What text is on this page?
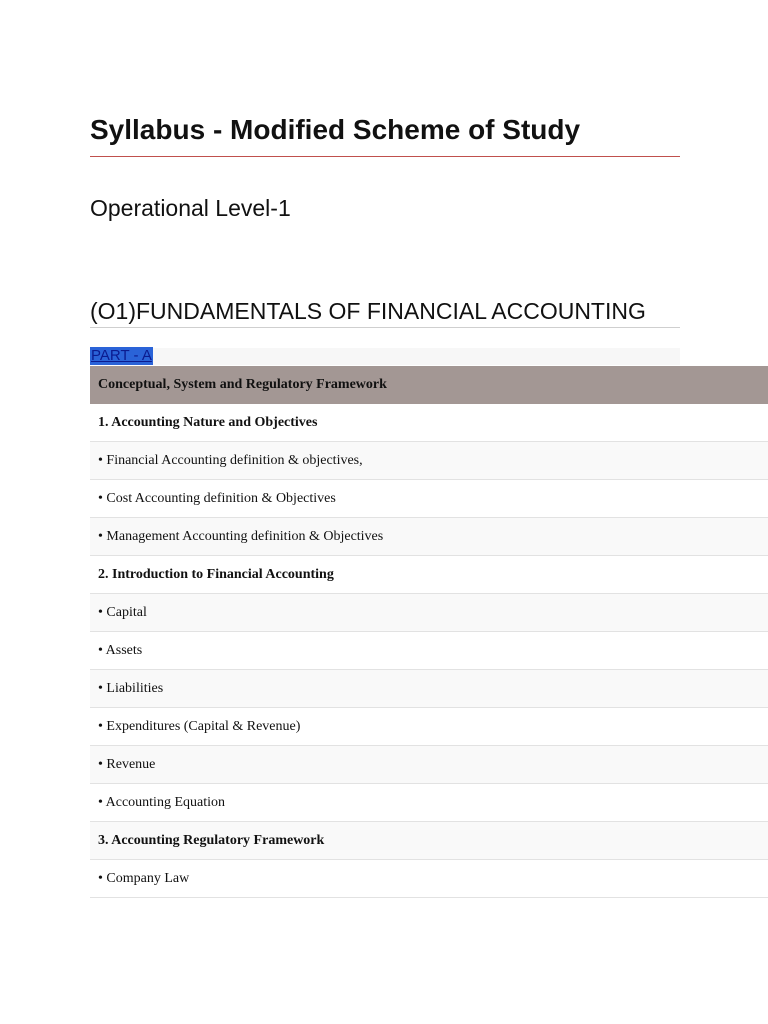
Syllabus - Modified Scheme of Study
Operational Level-1
(O1)FUNDAMENTALS OF FINANCIAL ACCOUNTING
PART - A
Conceptual, System and Regulatory Framework
1. Accounting Nature and Objectives
• Financial Accounting definition & objectives,
• Cost Accounting definition & Objectives
• Management Accounting definition & Objectives
2. Introduction to Financial Accounting
• Capital
• Assets
• Liabilities
• Expenditures (Capital & Revenue)
• Revenue
• Accounting Equation
3. Accounting Regulatory Framework
• Company Law
